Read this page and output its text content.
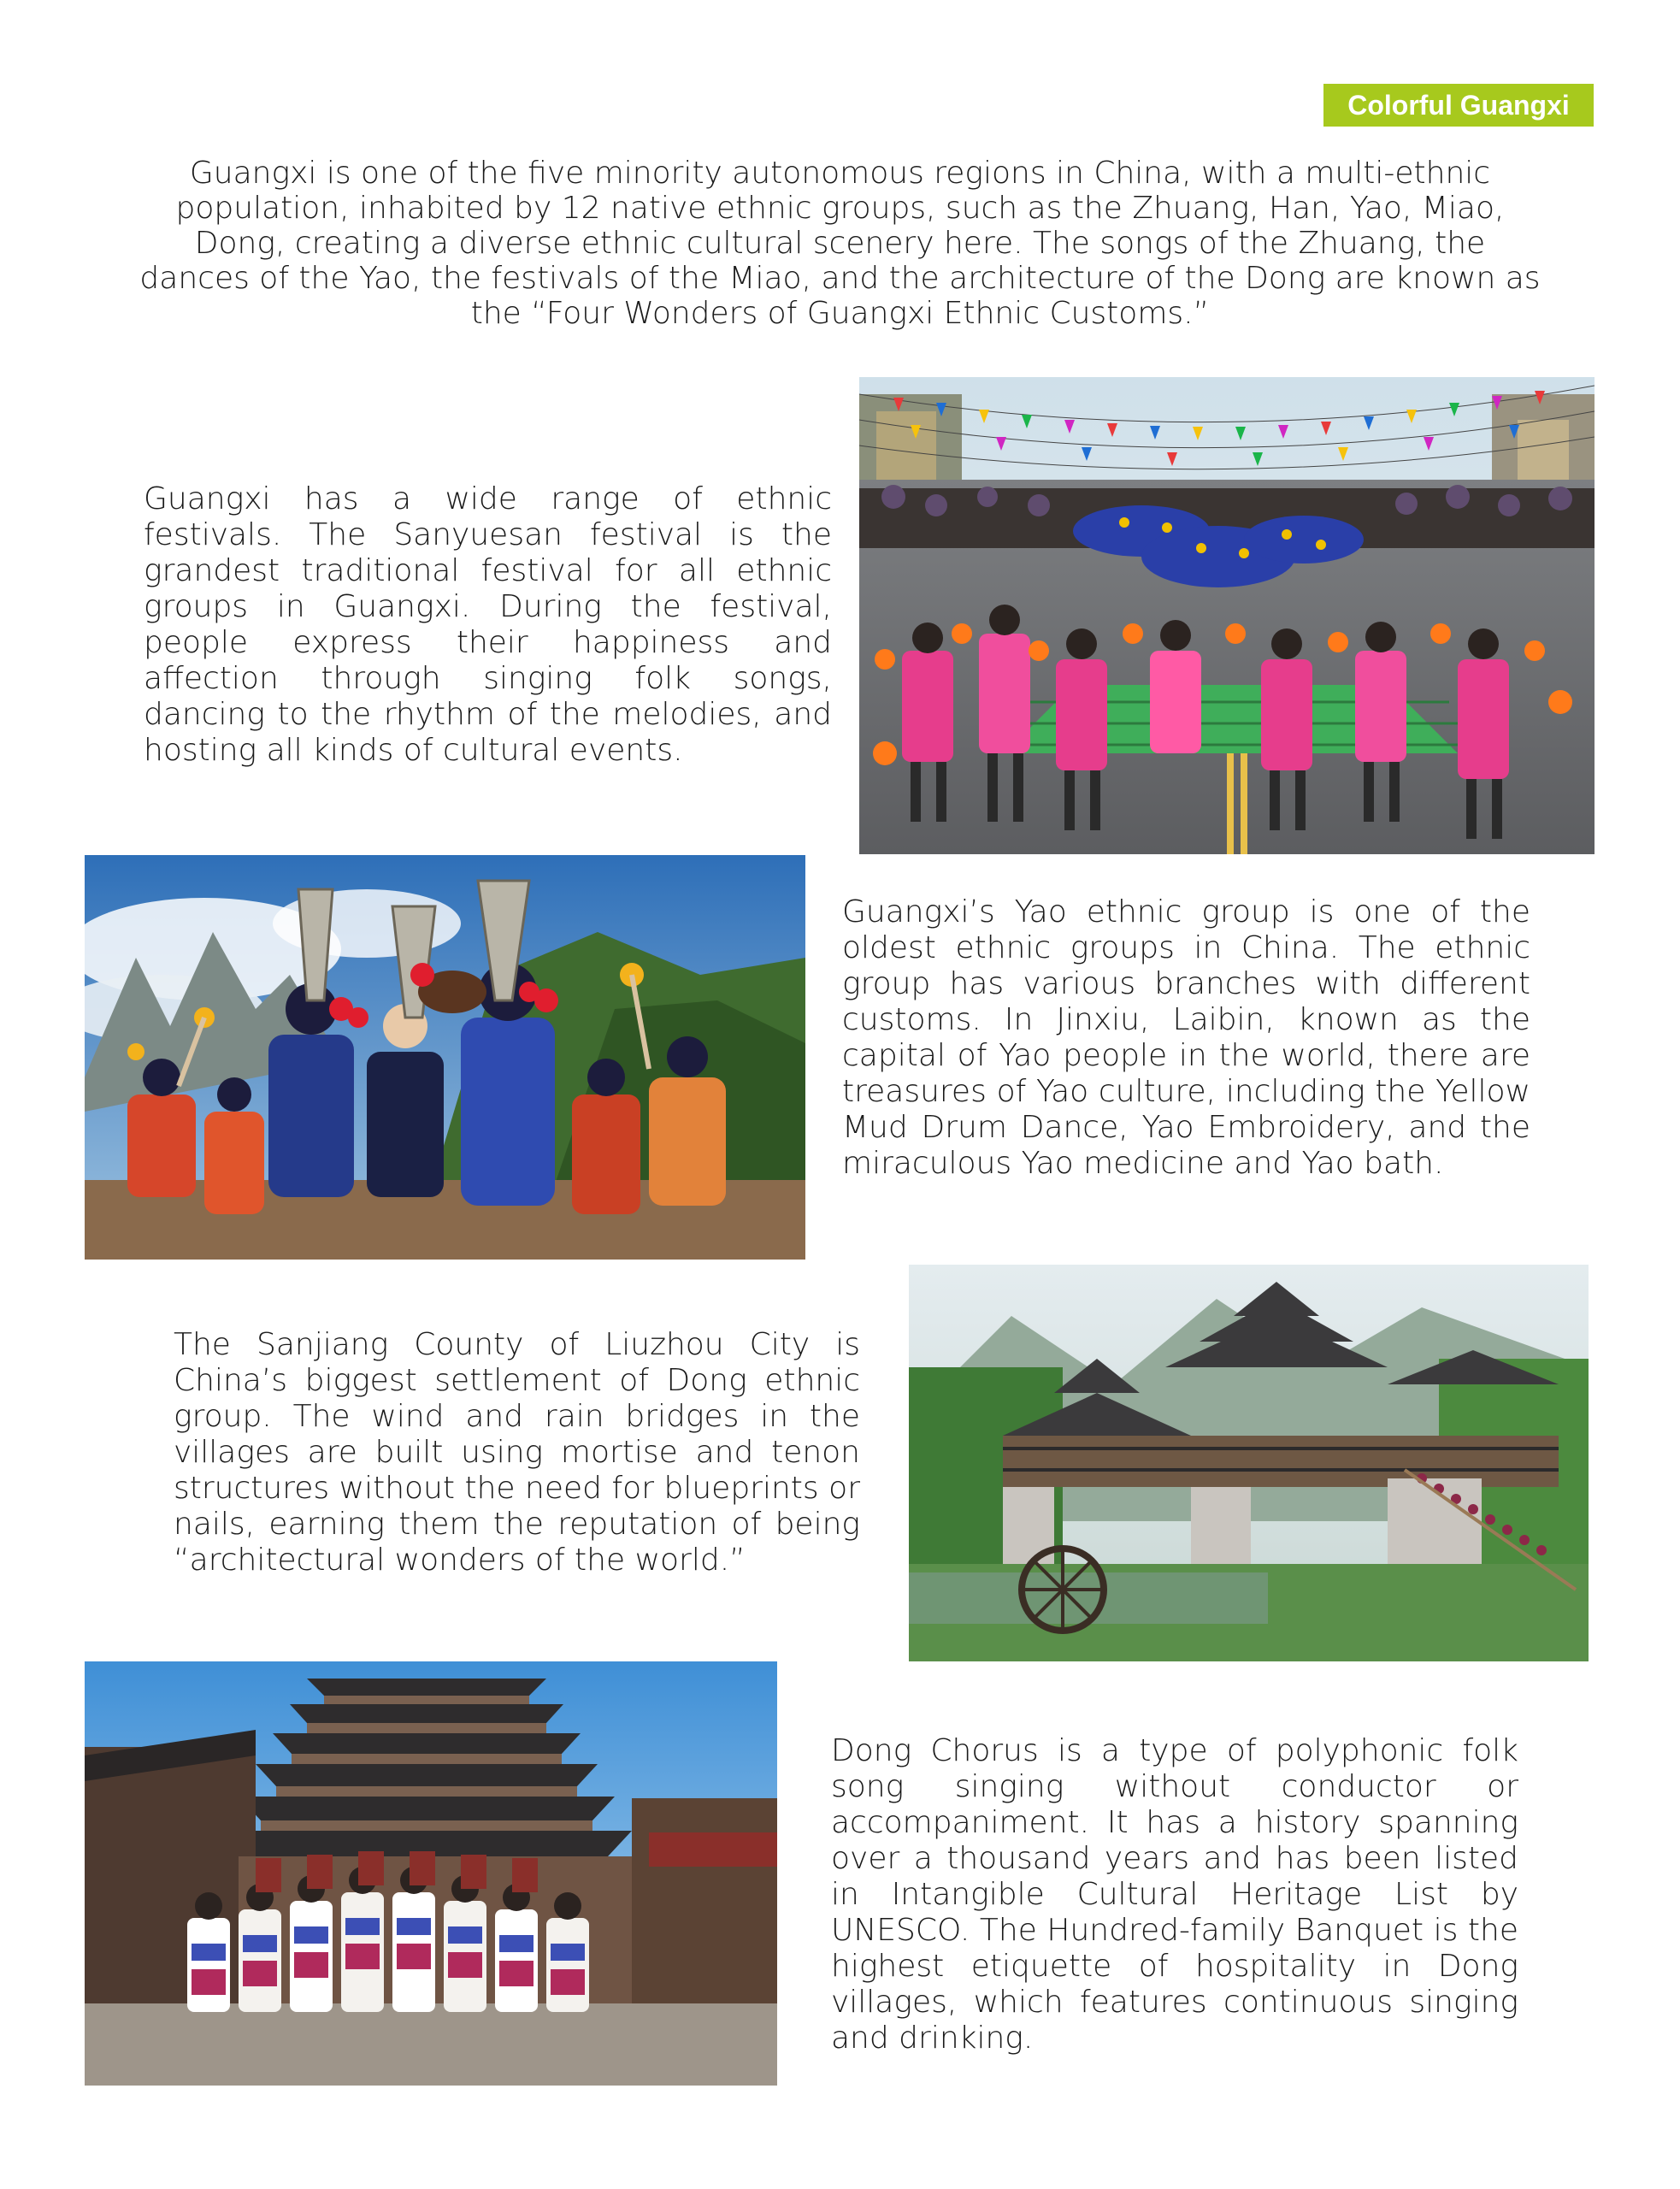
Colorful Guangxi

Guangxi is one of the five minority autonomous regions in China, with a multi-ethnic population, inhabited by 12 native ethnic groups, such as the Zhuang, Han, Yao, Miao, Dong, creating a diverse ethnic cultural scenery here. The songs of the Zhuang, the dances of the Yao, the festivals of the Miao, and the architecture of the Dong are known as the “Four Wonders of Guangxi Ethnic Customs.”

Guangxi has a wide range of ethnic festivals. The Sanyuesan festival is the grandest traditional festival for all ethnic groups in Guangxi. During the festival, people express their happiness and affection through singing folk songs, dancing to the rhythm of the melodies, and hosting all kinds of cultural events.

Guangxi’s Yao ethnic group is one of the oldest ethnic groups in China. The ethnic group has various branches with different customs. In Jinxiu, Laibin, known as the capital of Yao people in the world, there are treasures of Yao culture, including the Yellow Mud Drum Dance, Yao Embroidery, and the miraculous Yao medicine and Yao bath.

The Sanjiang County of Liuzhou City is China’s biggest settlement of Dong ethnic group. The wind and rain bridges in the villages are built using mortise and tenon structures without the need for blueprints or nails, earning them the reputation of being “architectural wonders of the world.”

Dong Chorus is a type of polyphonic folk song singing without conductor or accompaniment. It has a history spanning over a thousand years and has been listed in Intangible Cultural Heritage List by UNESCO. The Hundred-family Banquet is the highest etiquette of hospitality in Dong villages, which features continuous singing and drinking.
